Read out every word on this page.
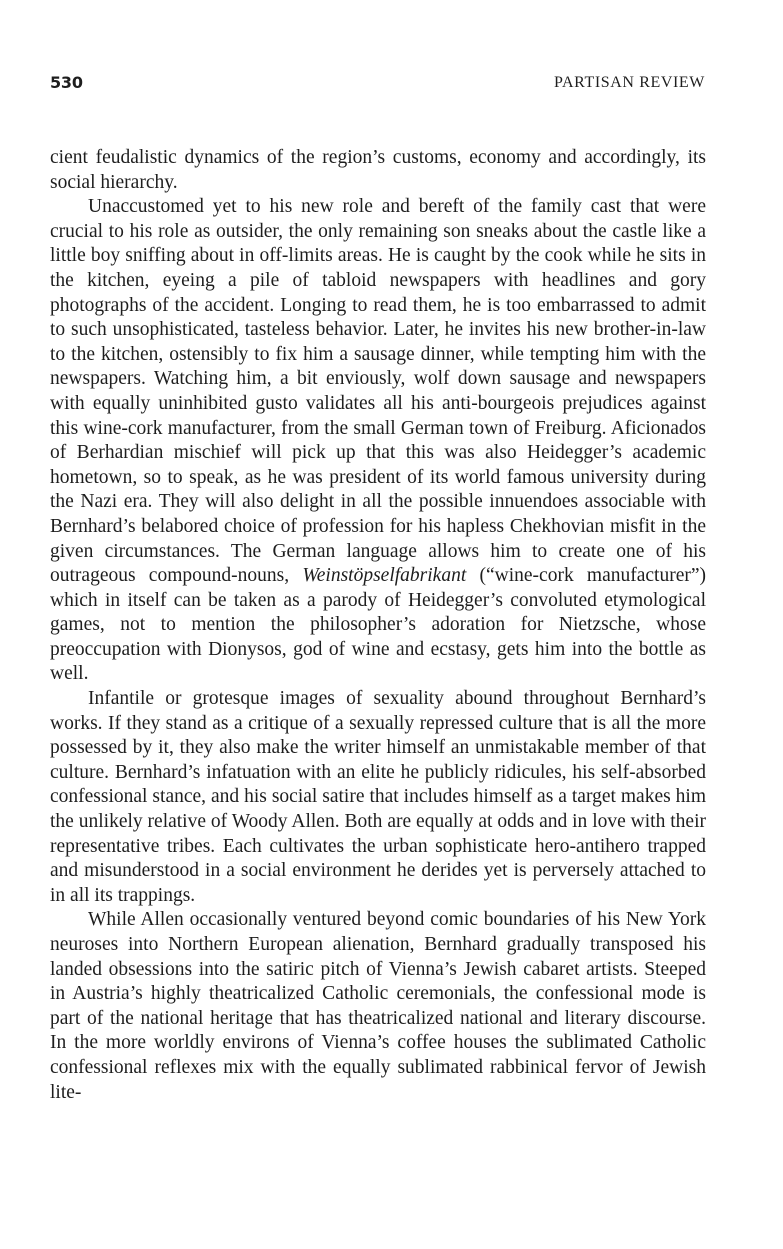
530	PARTISAN REVIEW

cient feudalistic dynamics of the region’s customs, economy and accordingly, its social hierarchy.

Unaccustomed yet to his new role and bereft of the family cast that were crucial to his role as outsider, the only remaining son sneaks about the castle like a little boy sniffing about in off-limits areas. He is caught by the cook while he sits in the kitchen, eyeing a pile of tabloid newspapers with headlines and gory photographs of the accident. Longing to read them, he is too embarrassed to admit to such unsophisticated, tasteless behavior. Later, he invites his new brother-in-law to the kitchen, ostensibly to fix him a sausage dinner, while tempting him with the newspapers. Watching him, a bit enviously, wolf down sausage and newspapers with equally uninhibited gusto validates all his anti-bourgeois prejudices against this wine-cork manufacturer, from the small German town of Freiburg. Aficionados of Berhardian mischief will pick up that this was also Heidegger’s academic hometown, so to speak, as he was president of its world famous university during the Nazi era. They will also delight in all the possible innuendoes associable with Bernhard’s belabored choice of profession for his hapless Chekhovian misfit in the given circumstances. The German language allows him to create one of his outrageous compound-nouns, Weinstöpselfabrikant (“wine-cork manufacturer”) which in itself can be taken as a parody of Heidegger’s convoluted etymological games, not to mention the philosopher’s adoration for Nietzsche, whose preoccupation with Dionysos, god of wine and ecstasy, gets him into the bottle as well.

Infantile or grotesque images of sexuality abound throughout Bernhard’s works. If they stand as a critique of a sexually repressed culture that is all the more possessed by it, they also make the writer himself an unmistakable member of that culture. Bernhard’s infatuation with an elite he publicly ridicules, his self-absorbed confessional stance, and his social satire that includes himself as a target makes him the unlikely relative of Woody Allen. Both are equally at odds and in love with their representative tribes. Each cultivates the urban sophisticate hero-antihero trapped and misunderstood in a social environment he derides yet is perversely attached to in all its trappings.

While Allen occasionally ventured beyond comic boundaries of his New York neuroses into Northern European alienation, Bernhard gradually transposed his landed obsessions into the satiric pitch of Vienna’s Jewish cabaret artists. Steeped in Austria’s highly theatricalized Catholic ceremonials, the confessional mode is part of the national heritage that has theatricalized national and literary discourse. In the more worldly environs of Vienna’s coffee houses the sublimated Catholic confessional reflexes mix with the equally sublimated rabbinical fervor of Jewish lite-
